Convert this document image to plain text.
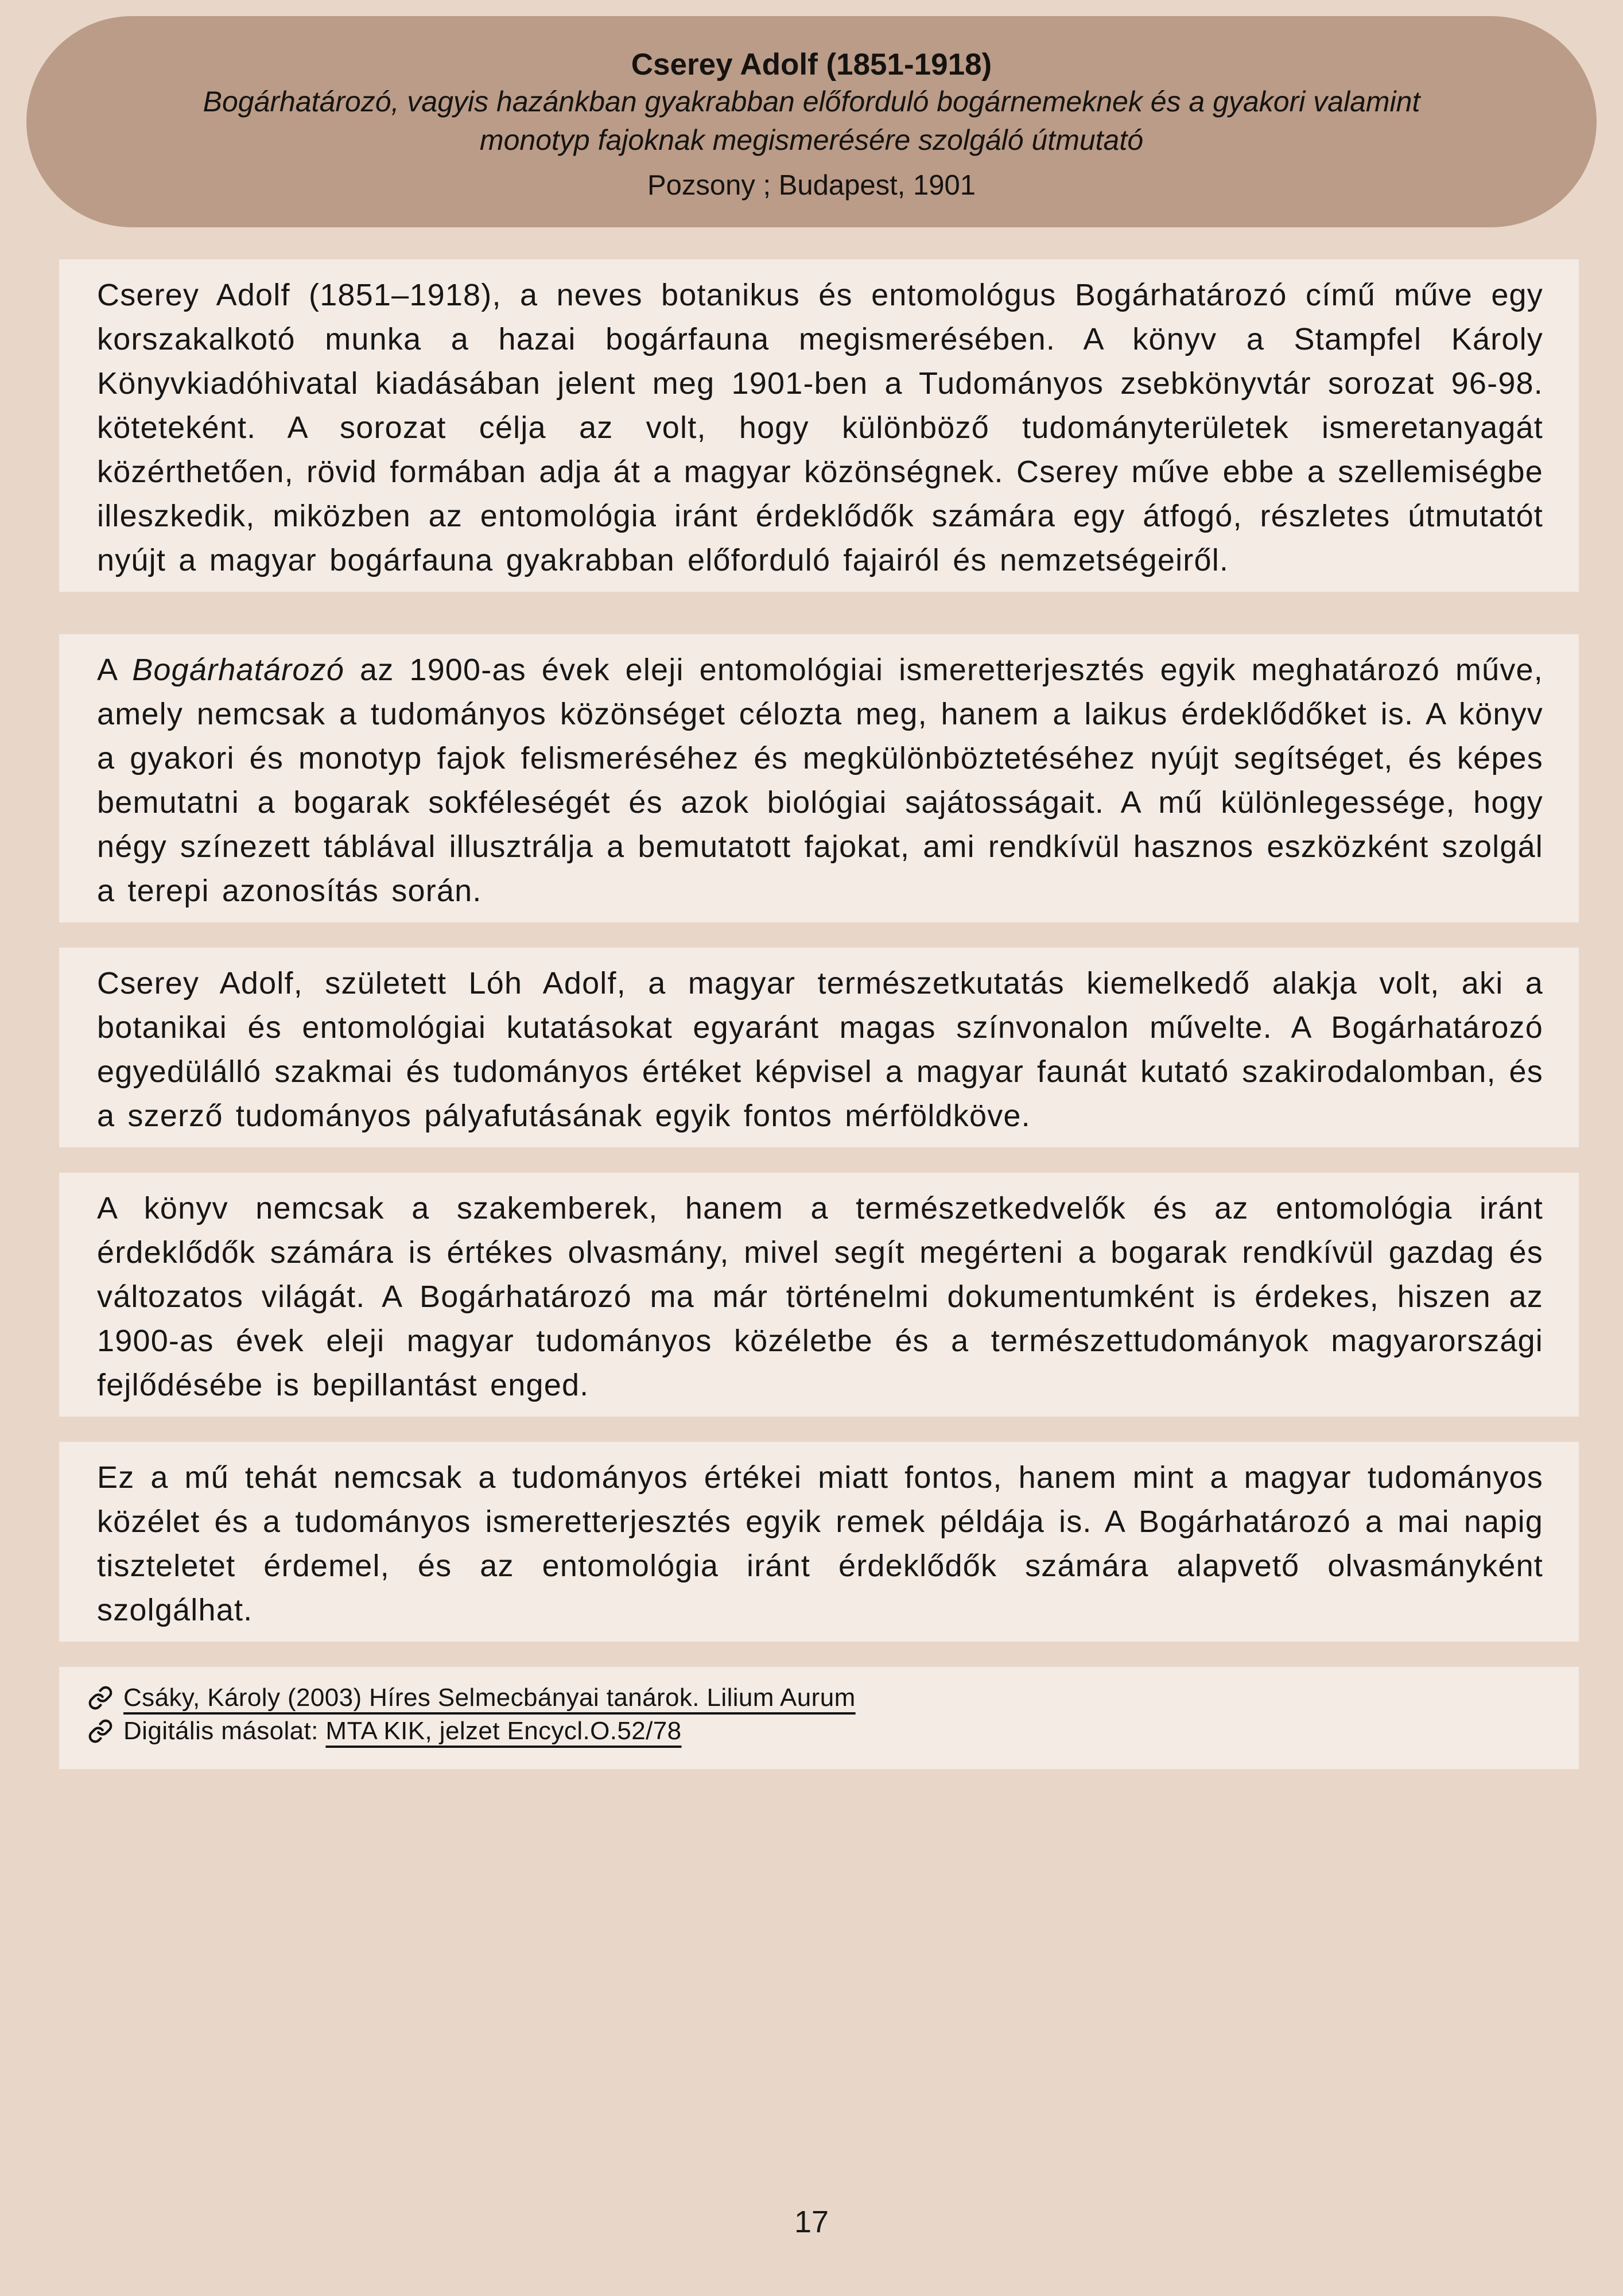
Cserey Adolf (1851-1918)
Bogárhatározó, vagyis hazánkban gyakrabban előforduló bogárnemeknek és a gyakori valamint
monotyp fajoknak megismerésére szolgáló útmutató
Pozsony ; Budapest, 1901

Cserey Adolf (1851–1918), a neves botanikus és entomológus Bogárhatározó című műve egy korszakalkotó munka a hazai bogárfauna megismerésében. A könyv a Stampfel Károly Könyvkiadóhivatal kiadásában jelent meg 1901-ben a Tudományos zsebkönyvtár sorozat 96-98. köteteként. A sorozat célja az volt, hogy különböző tudományterületek ismeretanyagát közérthetően, rövid formában adja át a magyar közönségnek. Cserey műve ebbe a szellemiségbe illeszkedik, miközben az entomológia iránt érdeklődők számára egy átfogó, részletes útmutatót nyújt a magyar bogárfauna gyakrabban előforduló fajairól és nemzetségeiről.

A Bogárhatározó az 1900-as évek eleji entomológiai ismeretterjesztés egyik meghatározó műve, amely nemcsak a tudományos közönséget célozta meg, hanem a laikus érdeklődőket is. A könyv a gyakori és monotyp fajok felismeréséhez és megkülönböztetéséhez nyújt segítséget, és képes bemutatni a bogarak sokféleségét és azok biológiai sajátosságait. A mű különlegessége, hogy négy színezett táblával illusztrálja a bemutatott fajokat, ami rendkívül hasznos eszközként szolgál a terepi azonosítás során.

Cserey Adolf, született Lóh Adolf, a magyar természetkutatás kiemelkedő alakja volt, aki a botanikai és entomológiai kutatásokat egyaránt magas színvonalon művelte. A Bogárhatározó egyedülálló szakmai és tudományos értéket képvisel a magyar faunát kutató szakirodalomban, és a szerző tudományos pályafutásának egyik fontos mérföldköve.

A könyv nemcsak a szakemberek, hanem a természetkedvelők és az entomológia iránt érdeklődők számára is értékes olvasmány, mivel segít megérteni a bogarak rendkívül gazdag és változatos világát. A Bogárhatározó ma már történelmi dokumentumként is érdekes, hiszen az 1900-as évek eleji magyar tudományos közéletbe és a természettudományok magyarországi fejlődésébe is bepillantást enged.

Ez a mű tehát nemcsak a tudományos értékei miatt fontos, hanem mint a magyar tudományos közélet és a tudományos ismeretterjesztés egyik remek példája is. A Bogárhatározó a mai napig tiszteletet érdemel, és az entomológia iránt érdeklődők számára alapvető olvasmányként szolgálhat.

Csáky, Károly (2003) Híres Selmecbányai tanárok. Lilium Aurum
Digitális másolat: MTA KIK, jelzet Encycl.O.52/78
17
